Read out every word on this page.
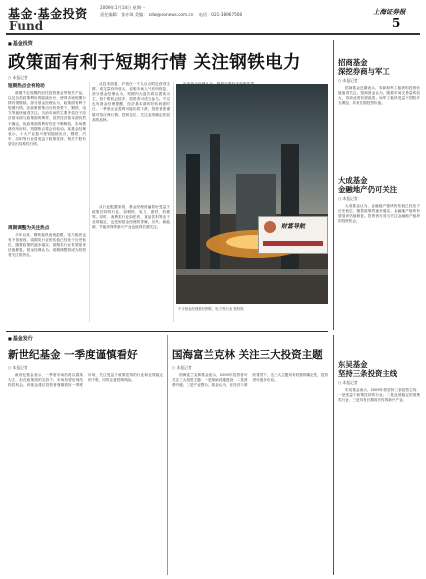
基金·基金投资
Fund
2009年1月14日 星期一
责任编辑：张亦璋 美编： zdw@sonews.com.cn 电话：021-38967508	上海证券报
5
■ 基金投资
政策面有利于短期行情 关注钢铁电力
○ 本报记者
短期热点会有轮动
被期千亿规模的信托投资基金等相关产品，以及各类政策利好的陆续出台，使得市场短期行情有望继续。部分基金经理认为，政策面有利于短期行情。在政策密集出台的背景下，钢铁、电力等板块值得关注。当前市场的主要矛盾在于经济基本面与政策面的博弈，虽然经济基本面仍然不确定，但政策面的利好仍在不断释放，市场情绪有所好转，短期热点将会有轮动。某基金经理表示，十大产业振兴规划陆续出台，钢铁、汽车、纺织等行业将受益于政策扶持，相关个股有望走出结构性行情。
周期调整为关注热点
今年以来，钢铁板块表现抢眼，电力板块也有不俗表现，周期类行业的估值已经处于历史低位，随着政策的逐步落实，周期类行业有望迎来估值修复。基金经理认为，周期调整将成为投资者关注的热点。
从技术面看，沪指在一千九百点附近获得支撑，成交量有所放大，说明市场人气有所恢复。部分基金经理认为，短期内大盘仍将以震荡为主，但个股机会较多，投资者可适当参与。不过也有基金经理提醒，经济基本面的好转尚需时日，一季度企业盈利可能仍将下滑，投资者需谨慎对待反弹行情，控制仓位，关注业绩确定性较高的品种。
从行业配置来看，基金经理普遍看好受益于政策扶持的行业，如钢铁、电力、建材、机械等。同时，消费类行业如医药、食品饮料等由于业绩稳定，也受到基金经理的青睐。另外，新能源、节能环保等新兴产业也值得长期关注。
不少基金经理看好钢铁、电力等行业 资料图
财富导航
招商基金
深挖券商与军工
○ 本报记者
招商基金近期表示，券商和军工板块的投资价值值得关注。招商基金认为，随着市场交易量的放大，券商业绩有望改善；而军工板块受益于国防开支增加，具有长期投资价值。
大成基金
金融地产仍可关注
○ 本报记者
大成基金认为，金融地产板块的估值已经处于历史低位，随着政策的逐步落实，金融地产板块有望迎来估值修复。投资者可适当关注金融地产板块的投资机会。
■ 基金发行
新世纪基金 一季度谨慎看好
○ 本报记者
新世纪基金表示，一季度市场仍将以震荡为主，但在政策面的支持下，市场有望出现结构性机会。该基金建议投资者谨慎看好一季度市场，关注受益于政策扶持的行业和业绩稳定的个股，同时注意控制风险。
国海富兰克林 关注三大投资主题
○ 本报记者
国海富兰克林基金表示，2009年投资者可关注三大投资主题：一是基础设施建设；二是消费升级；三是产业整合。基金认为，在经济下滑的背景下，这三大主题具有较强的确定性，投资者可逐步布局。
东吴基金
坚持三条投资主线
○ 本报记者
东吴基金表示，2009年将坚持三条投资主线：一是受益于政策扶持的行业；二是业绩稳定的消费类行业；三是具有长期成长性的新兴产业。
